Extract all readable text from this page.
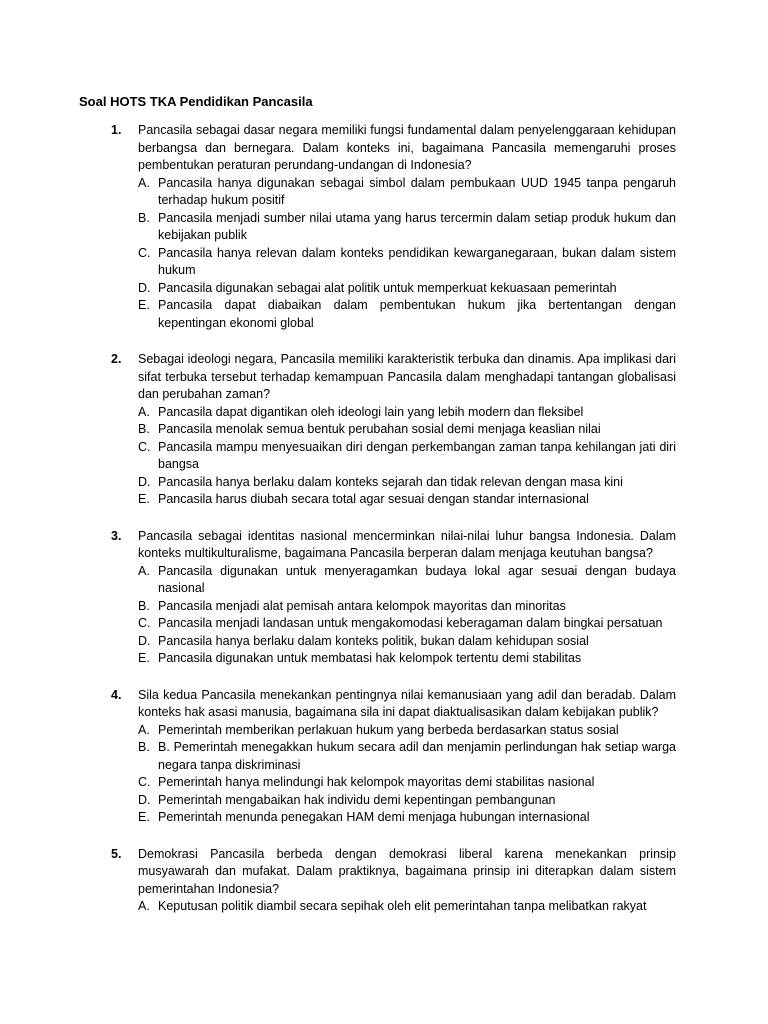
Soal HOTS TKA Pendidikan Pancasila
1. Pancasila sebagai dasar negara memiliki fungsi fundamental dalam penyelenggaraan kehidupan berbangsa dan bernegara. Dalam konteks ini, bagaimana Pancasila memengaruhi proses pembentukan peraturan perundang-undangan di Indonesia?
A. Pancasila hanya digunakan sebagai simbol dalam pembukaan UUD 1945 tanpa pengaruh terhadap hukum positif
B. Pancasila menjadi sumber nilai utama yang harus tercermin dalam setiap produk hukum dan kebijakan publik
C. Pancasila hanya relevan dalam konteks pendidikan kewarganegaraan, bukan dalam sistem hukum
D. Pancasila digunakan sebagai alat politik untuk memperkuat kekuasaan pemerintah
E. Pancasila dapat diabaikan dalam pembentukan hukum jika bertentangan dengan kepentingan ekonomi global
2. Sebagai ideologi negara, Pancasila memiliki karakteristik terbuka dan dinamis. Apa implikasi dari sifat terbuka tersebut terhadap kemampuan Pancasila dalam menghadapi tantangan globalisasi dan perubahan zaman?
A. Pancasila dapat digantikan oleh ideologi lain yang lebih modern dan fleksibel
B. Pancasila menolak semua bentuk perubahan sosial demi menjaga keaslian nilai
C. Pancasila mampu menyesuaikan diri dengan perkembangan zaman tanpa kehilangan jati diri bangsa
D. Pancasila hanya berlaku dalam konteks sejarah dan tidak relevan dengan masa kini
E. Pancasila harus diubah secara total agar sesuai dengan standar internasional
3. Pancasila sebagai identitas nasional mencerminkan nilai-nilai luhur bangsa Indonesia. Dalam konteks multikulturalisme, bagaimana Pancasila berperan dalam menjaga keutuhan bangsa?
A. Pancasila digunakan untuk menyeragamkan budaya lokal agar sesuai dengan budaya nasional
B. Pancasila menjadi alat pemisah antara kelompok mayoritas dan minoritas
C. Pancasila menjadi landasan untuk mengakomodasi keberagaman dalam bingkai persatuan
D. Pancasila hanya berlaku dalam konteks politik, bukan dalam kehidupan sosial
E. Pancasila digunakan untuk membatasi hak kelompok tertentu demi stabilitas
4. Sila kedua Pancasila menekankan pentingnya nilai kemanusiaan yang adil dan beradab. Dalam konteks hak asasi manusia, bagaimana sila ini dapat diaktualisasikan dalam kebijakan publik?
A. Pemerintah memberikan perlakuan hukum yang berbeda berdasarkan status sosial
B. B. Pemerintah menegakkan hukum secara adil dan menjamin perlindungan hak setiap warga negara tanpa diskriminasi
C. Pemerintah hanya melindungi hak kelompok mayoritas demi stabilitas nasional
D. Pemerintah mengabaikan hak individu demi kepentingan pembangunan
E. Pemerintah menunda penegakan HAM demi menjaga hubungan internasional
5. Demokrasi Pancasila berbeda dengan demokrasi liberal karena menekankan prinsip musyawarah dan mufakat. Dalam praktiknya, bagaimana prinsip ini diterapkan dalam sistem pemerintahan Indonesia?
A. Keputusan politik diambil secara sepihak oleh elit pemerintahan tanpa melibatkan rakyat
